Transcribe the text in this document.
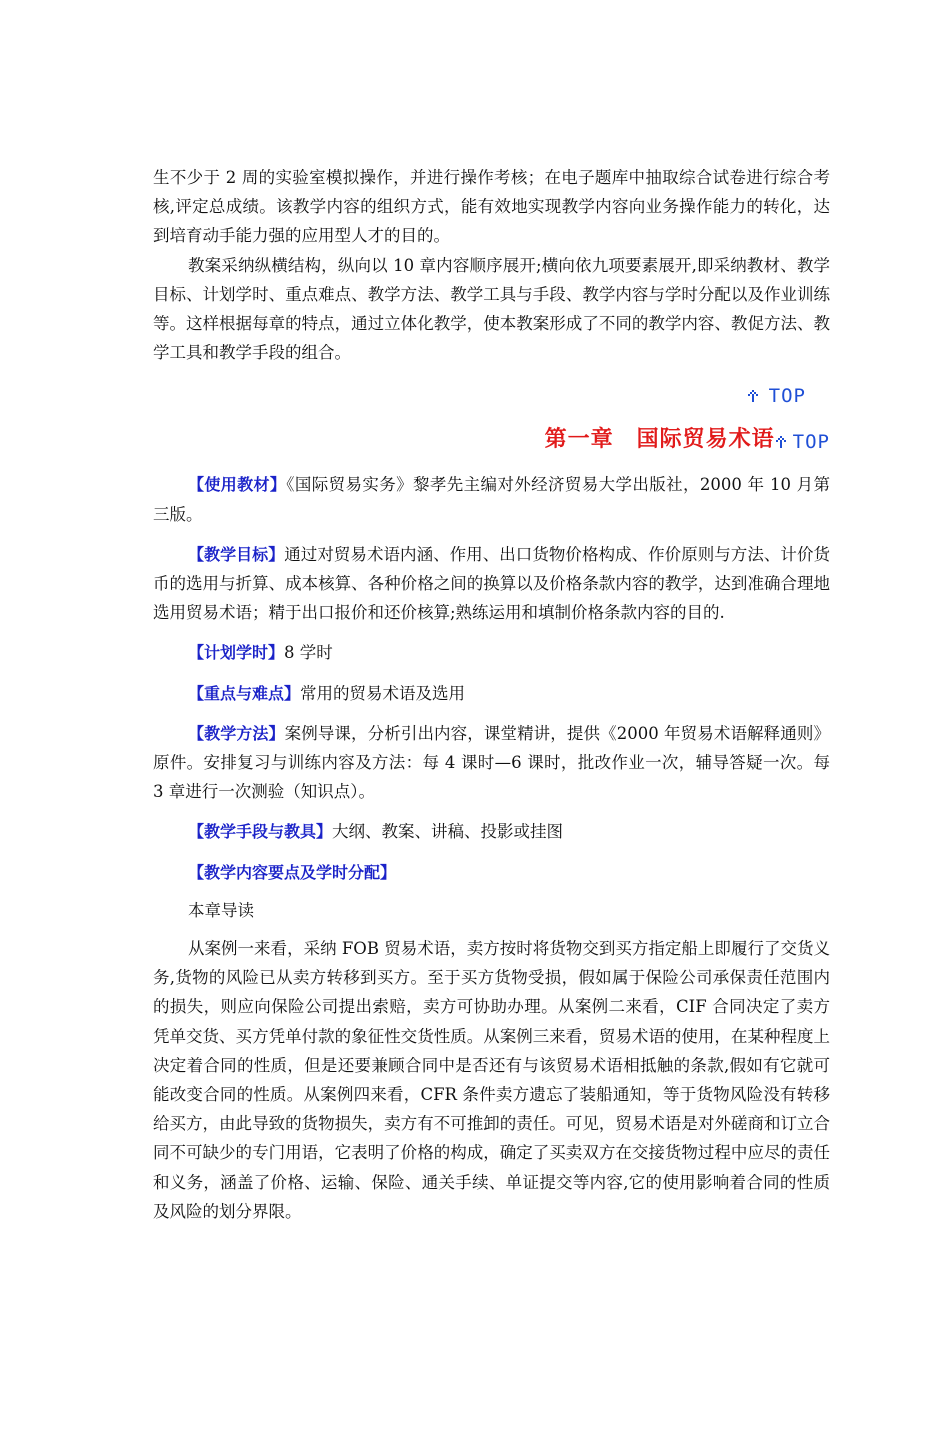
生不少于 2 周的实验室模拟操作，并进行操作考核；在电子题库中抽取综合试卷进行综合考核,评定总成绩。该教学内容的组织方式，能有效地实现教学内容向业务操作能力的转化，达到培育动手能力强的应用型人才的目的。

教案采纳纵横结构，纵向以 10 章内容顺序展开;横向依九项要素展开,即采纳教材、教学目标、计划学时、重点难点、教学方法、教学工具与手段、教学内容与学时分配以及作业训练等。这样根据每章的特点，通过立体化教学，使本教案形成了不同的教学内容、教促方法、教学工具和教学手段的组合。

TOP
第一章　国际贸易术语 TOP

【使用教材】《国际贸易实务》黎孝先主编对外经济贸易大学出版社，2000 年 10 月第三版。

【教学目标】通过对贸易术语内涵、作用、出口货物价格构成、作价原则与方法、计价货币的选用与折算、成本核算、各种价格之间的换算以及价格条款内容的教学，达到准确合理地选用贸易术语；精于出口报价和还价核算;熟练运用和填制价格条款内容的目的.

【计划学时】8 学时

【重点与难点】常用的贸易术语及选用

【教学方法】案例导课，分析引出内容，课堂精讲，提供《2000 年贸易术语解释通则》原件。安排复习与训练内容及方法：每 4 课时—6 课时，批改作业一次，辅导答疑一次。每 3 章进行一次测验（知识点）。

【教学手段与教具】大纲、教案、讲稿、投影或挂图

【教学内容要点及学时分配】

本章导读

从案例一来看，采纳 FOB 贸易术语，卖方按时将货物交到买方指定船上即履行了交货义务,货物的风险已从卖方转移到买方。至于买方货物受损，假如属于保险公司承保责任范围内的损失，则应向保险公司提出索赔，卖方可协助办理。从案例二来看，CIF 合同决定了卖方凭单交货、买方凭单付款的象征性交货性质。从案例三来看，贸易术语的使用，在某种程度上决定着合同的性质，但是还要兼顾合同中是否还有与该贸易术语相抵触的条款,假如有它就可能改变合同的性质。从案例四来看，CFR 条件卖方遗忘了装船通知，等于货物风险没有转移给买方，由此导致的货物损失，卖方有不可推卸的责任。可见，贸易术语是对外磋商和订立合同不可缺少的专门用语，它表明了价格的构成，确定了买卖双方在交接货物过程中应尽的责任和义务，涵盖了价格、运输、保险、通关手续、单证提交等内容,它的使用影响着合同的性质及风险的划分界限。
